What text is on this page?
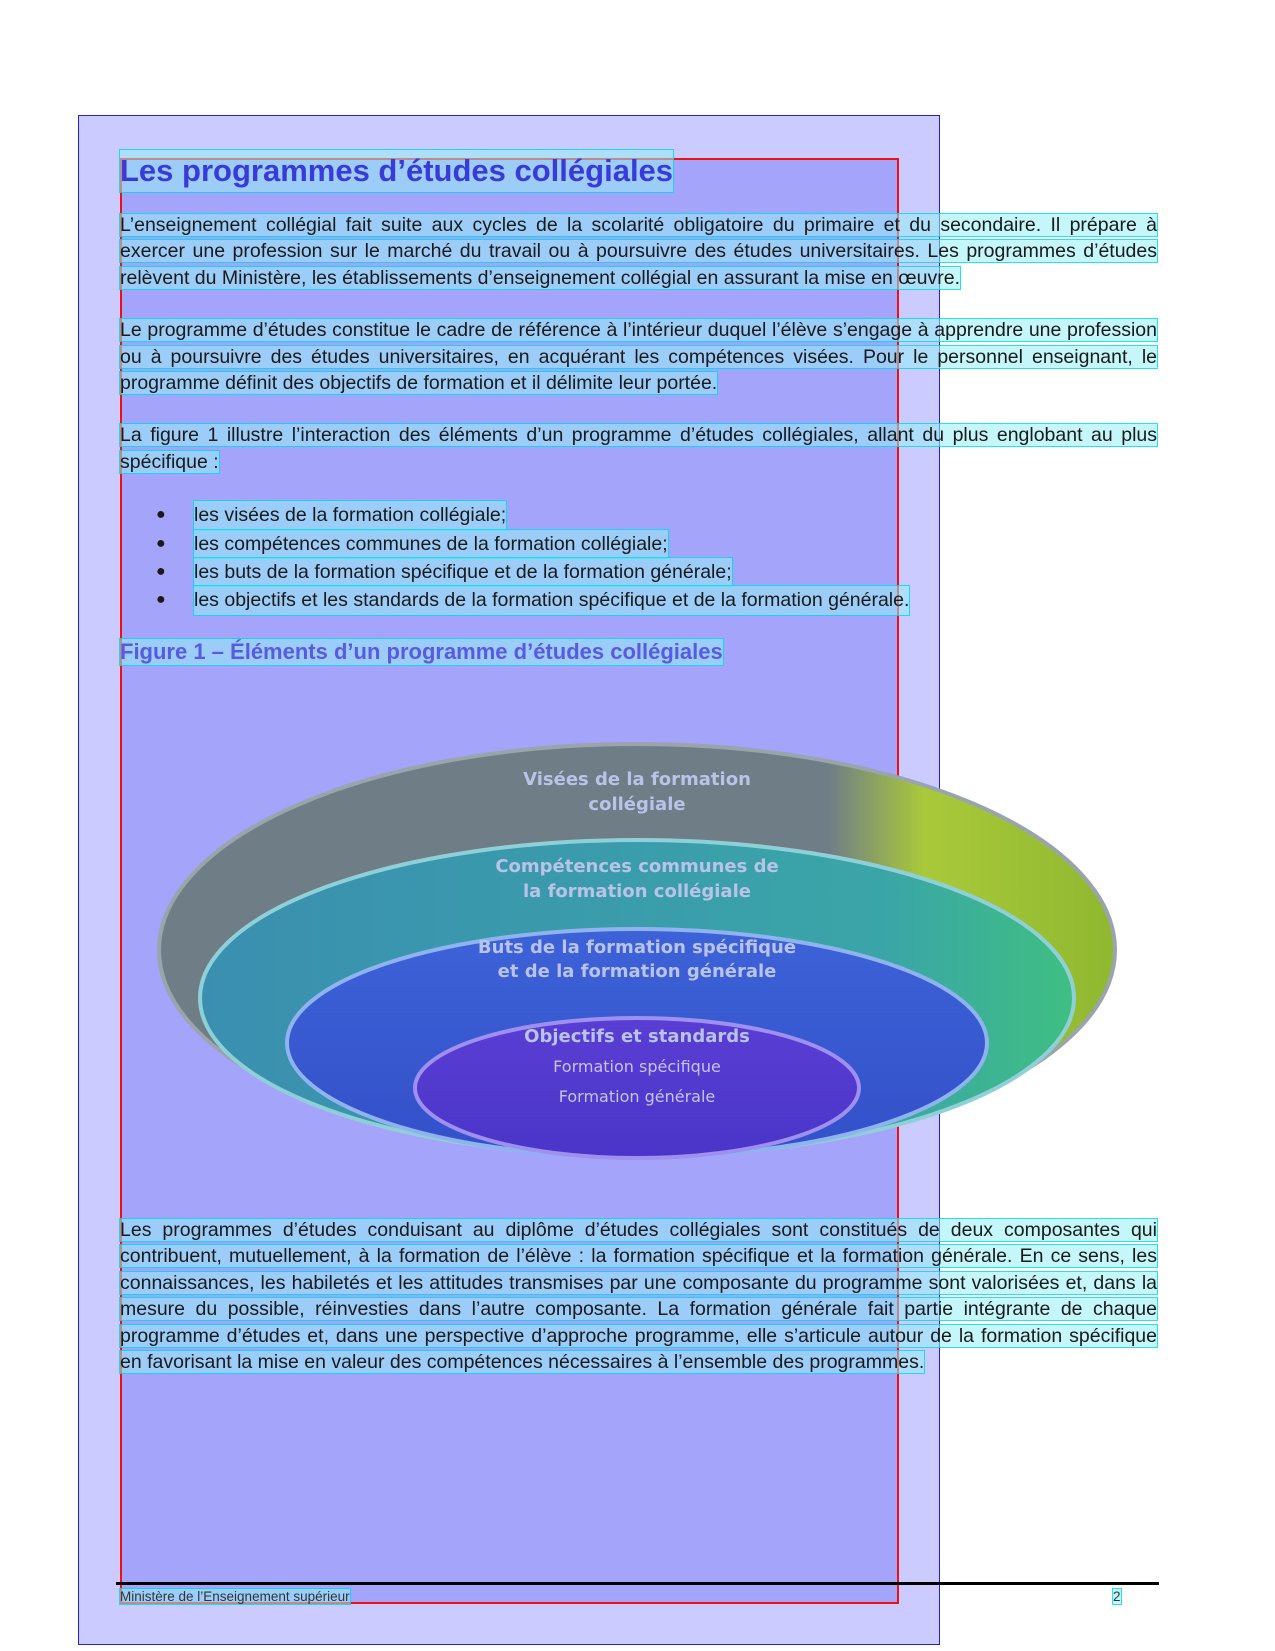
Les programmes d’études collégiales

L’enseignement collégial fait suite aux cycles de la scolarité obligatoire du primaire et du secondaire. Il prépare à exercer une profession sur le marché du travail ou à poursuivre des études universitaires. Les programmes d’études relèvent du Ministère, les établissements d’enseignement collégial en assurant la mise en œuvre.

Le programme d’études constitue le cadre de référence à l’intérieur duquel l’élève s’engage à apprendre une profession ou à poursuivre des études universitaires, en acquérant les compétences visées. Pour le personnel enseignant, le programme définit des objectifs de formation et il délimite leur portée.

La figure 1 illustre l’interaction des éléments d’un programme d’études collégiales, allant du plus englobant au plus spécifique :

●	les visées de la formation collégiale;
●	les compétences communes de la formation collégiale;
●	les buts de la formation spécifique et de la formation générale;
●	les objectifs et les standards de la formation spécifique et de la formation générale.
Figure 1 – Éléments d’un programme d’études collégiales
Visées de la formation
collégiale
Compétences communes de
la formation collégiale
Buts de la formation spécifique
et de la formation générale
Objectifs et standards
Formation spécifique
Formation générale

Les programmes d’études conduisant au diplôme d’études collégiales sont constitués de deux composantes qui contribuent, mutuellement, à la formation de l’élève : la formation spécifique et la formation générale. En ce sens, les connaissances, les habiletés et les attitudes transmises par une composante du programme sont valorisées et, dans la mesure du possible, réinvesties dans l’autre composante. La formation générale fait partie intégrante de chaque programme d’études et, dans une perspective d’approche programme, elle s’articule autour de la formation spécifique en favorisant la mise en valeur des compétences nécessaires à l’ensemble des programmes.

Ministère de l’Enseignement supérieur	2
